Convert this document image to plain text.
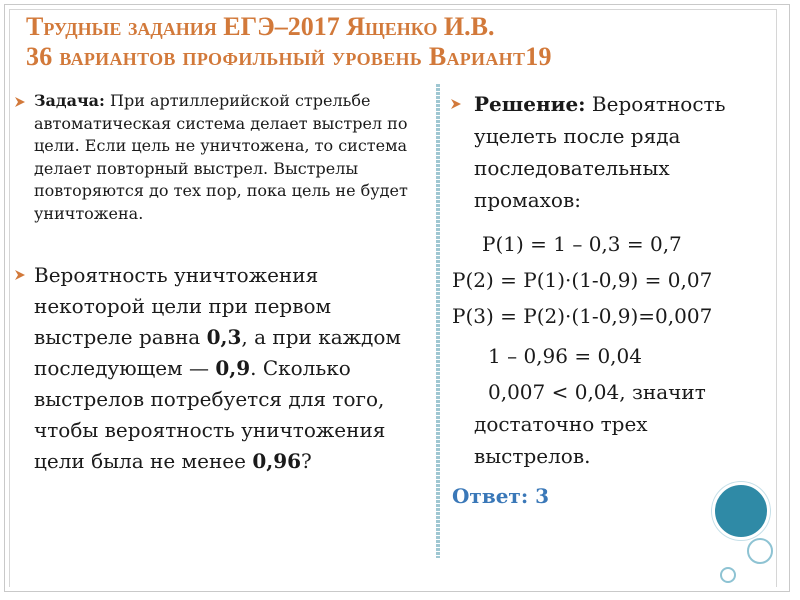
Трудные задания ЕГЭ–2017 Ященко И.В.
36 вариантов профильный уровень Вариант19
Задача: При артиллерийской стрельбе автоматическая система делает выстрел по цели. Если цель не уничтожена, то система делает повторный выстрел. Выстрелы повторяются до тех пор, пока цель не будет уничтожена.
Вероятность уничтожения некоторой цели при первом выстреле равна 0,3, а при каждом последующем — 0,9. Сколько выстрелов потребуется для того, чтобы вероятность уничтожения цели была не менее 0,96?
Решение: Вероятность уцелеть после ряда последовательных промахов:
Р(1) = 1 – 0,3 = 0,7
Р(2) = Р(1)·(1-0,9) = 0,07
Р(3) = Р(2)·(1-0,9)=0,007
1 – 0,96 = 0,04
0,007 < 0,04, значит
достаточно трех
выстрелов.
Ответ: 3
